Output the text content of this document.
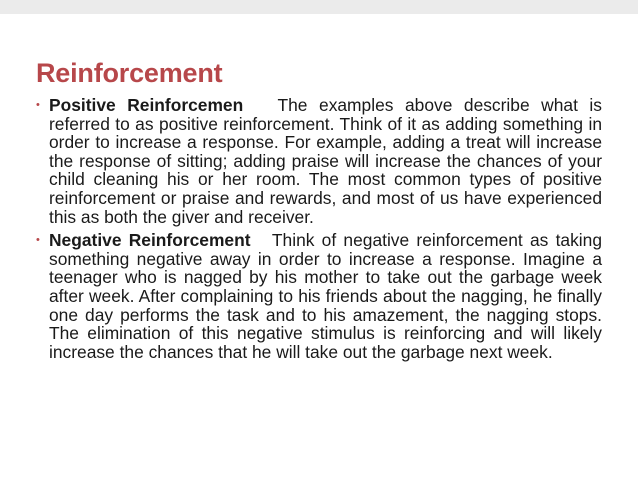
Reinforcement
• Positive Reinforcemen The examples above describe what is referred to as positive reinforcement. Think of it as adding something in order to increase a response. For example, adding a treat will increase the response of sitting; adding praise will increase the chances of your child cleaning his or her room. The most common types of positive reinforcement or praise and rewards, and most of us have experienced this as both the giver and receiver.
• Negative Reinforcement Think of negative reinforcement as taking something negative away in order to increase a response. Imagine a teenager who is nagged by his mother to take out the garbage week after week. After complaining to his friends about the nagging, he finally one day performs the task and to his amazement, the nagging stops. The elimination of this negative stimulus is reinforcing and will likely increase the chances that he will take out the garbage next week.
